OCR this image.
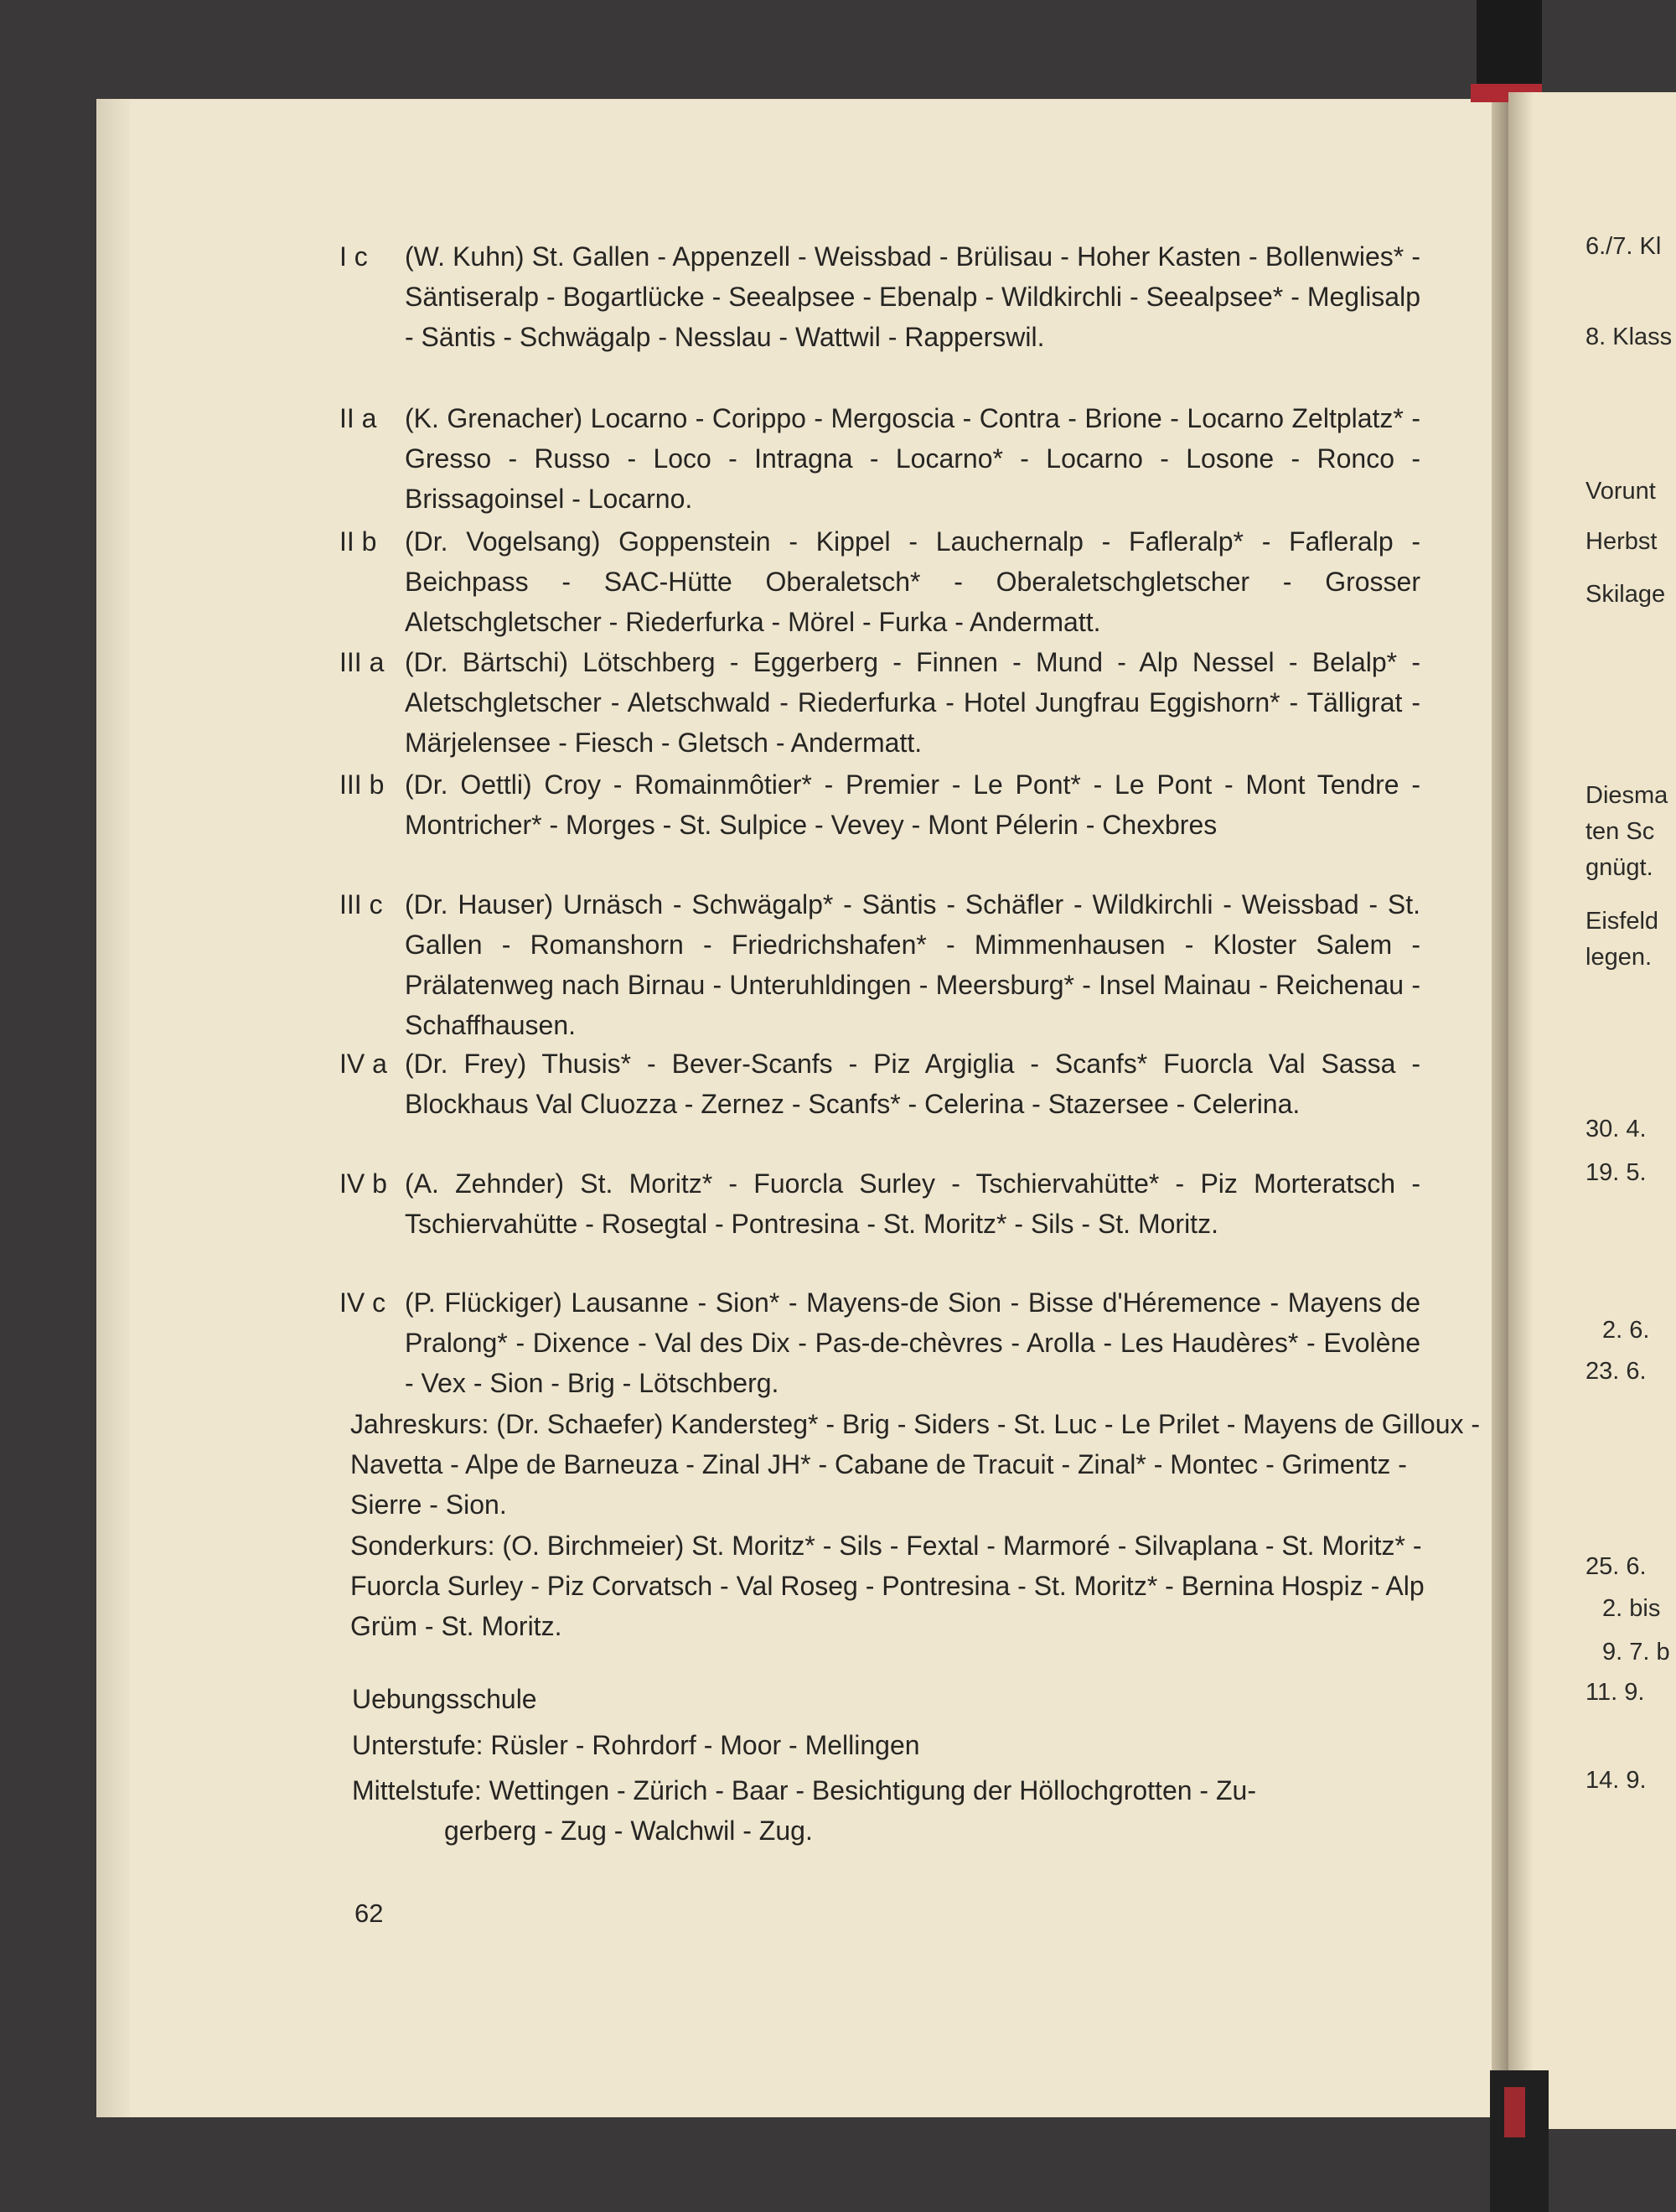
6./7. Kl
8. Klass
Vorunt
Herbst
Skilage
Diesma
ten Sc
gnügt.
Eisfeld
legen.
30. 4.
19. 5.
2. 6.
23. 6.
25. 6.
2. bis
9. 7. b
11. 9.
14. 9.
I c (W. Kuhn) St. Gallen - Appenzell - Weissbad - Brülisau - Hoher Kasten - Bollenwies* - Säntiseralp - Bogartlücke - Seealpsee - Ebenalp - Wildkirchli - Seealpsee* - Meglisalp - Säntis - Schwägalp - Nesslau - Wattwil - Rapperswil.
II a (K. Grenacher) Locarno - Corippo - Mergoscia - Contra - Brione - Locarno Zeltplatz* - Gresso - Russo - Loco - Intragna - Locarno* - Locarno - Losone - Ronco - Brissagoinsel - Locarno.
II b (Dr. Vogelsang) Goppenstein - Kippel - Lauchernalp - Fafleralp* - Fafleralp - Beichpass - SAC-Hütte Oberaletsch* - Oberaletschgletscher - Grosser Aletschgletscher - Riederfurka - Mörel - Furka - Andermatt.
III a (Dr. Bärtschi) Lötschberg - Eggerberg - Finnen - Mund - Alp Nessel - Belalp* - Aletschgletscher - Aletschwald - Riederfurka - Hotel Jungfrau Eggishorn* - Tälligrat - Märjelensee - Fiesch - Gletsch - Andermatt.
III b (Dr. Oettli) Croy - Romainmôtier* - Premier - Le Pont* - Le Pont - Mont Tendre - Montricher* - Morges - St. Sulpice - Vevey - Mont Pélerin - Chexbres
III c (Dr. Hauser) Urnäsch - Schwägalp* - Säntis - Schäfler - Wildkirchli - Weissbad - St. Gallen - Romanshorn - Friedrichshafen* - Mimmenhausen - Kloster Salem - Prälatenweg nach Birnau - Unteruhldingen - Meersburg* - Insel Mainau - Reichenau - Schaffhausen.
IV a (Dr. Frey) Thusis* - Bever-Scanfs - Piz Argiglia - Scanfs* Fuorcla Val Sassa - Blockhaus Val Cluozza - Zernez - Scanfs* - Celerina - Stazersee - Celerina.
IV b (A. Zehnder) St. Moritz* - Fuorcla Surley - Tschiervahütte* - Piz Morteratsch - Tschiervahütte - Rosegtal - Pontresina - St. Moritz* - Sils - St. Moritz.
IV c (P. Flückiger) Lausanne - Sion* - Mayens-de Sion - Bisse d'Héremence - Mayens de Pralong* - Dixence - Val des Dix - Pas-de-chèvres - Arolla - Les Haudères* - Evolène - Vex - Sion - Brig - Lötschberg.
Jahreskurs: (Dr. Schaefer) Kandersteg* - Brig - Siders - St. Luc - Le Prilet - Mayens de Gilloux - Navetta - Alpe de Barneuza - Zinal JH* - Cabane de Tracuit - Zinal* - Montec - Grimentz - Sierre - Sion.
Sonderkurs: (O. Birchmeier) St. Moritz* - Sils - Fextal - Marmoré - Silvaplana - St. Moritz* - Fuorcla Surley - Piz Corvatsch - Val Roseg - Pontresina - St. Moritz* - Bernina Hospiz - Alp Grüm - St. Moritz.
Uebungsschule
Unterstufe: Rüsler - Rohrdorf - Moor - Mellingen
Mittelstufe: Wettingen - Zürich - Baar - Besichtigung der Höllochgrotten - Zu-
gerberg - Zug - Walchwil - Zug.
62
